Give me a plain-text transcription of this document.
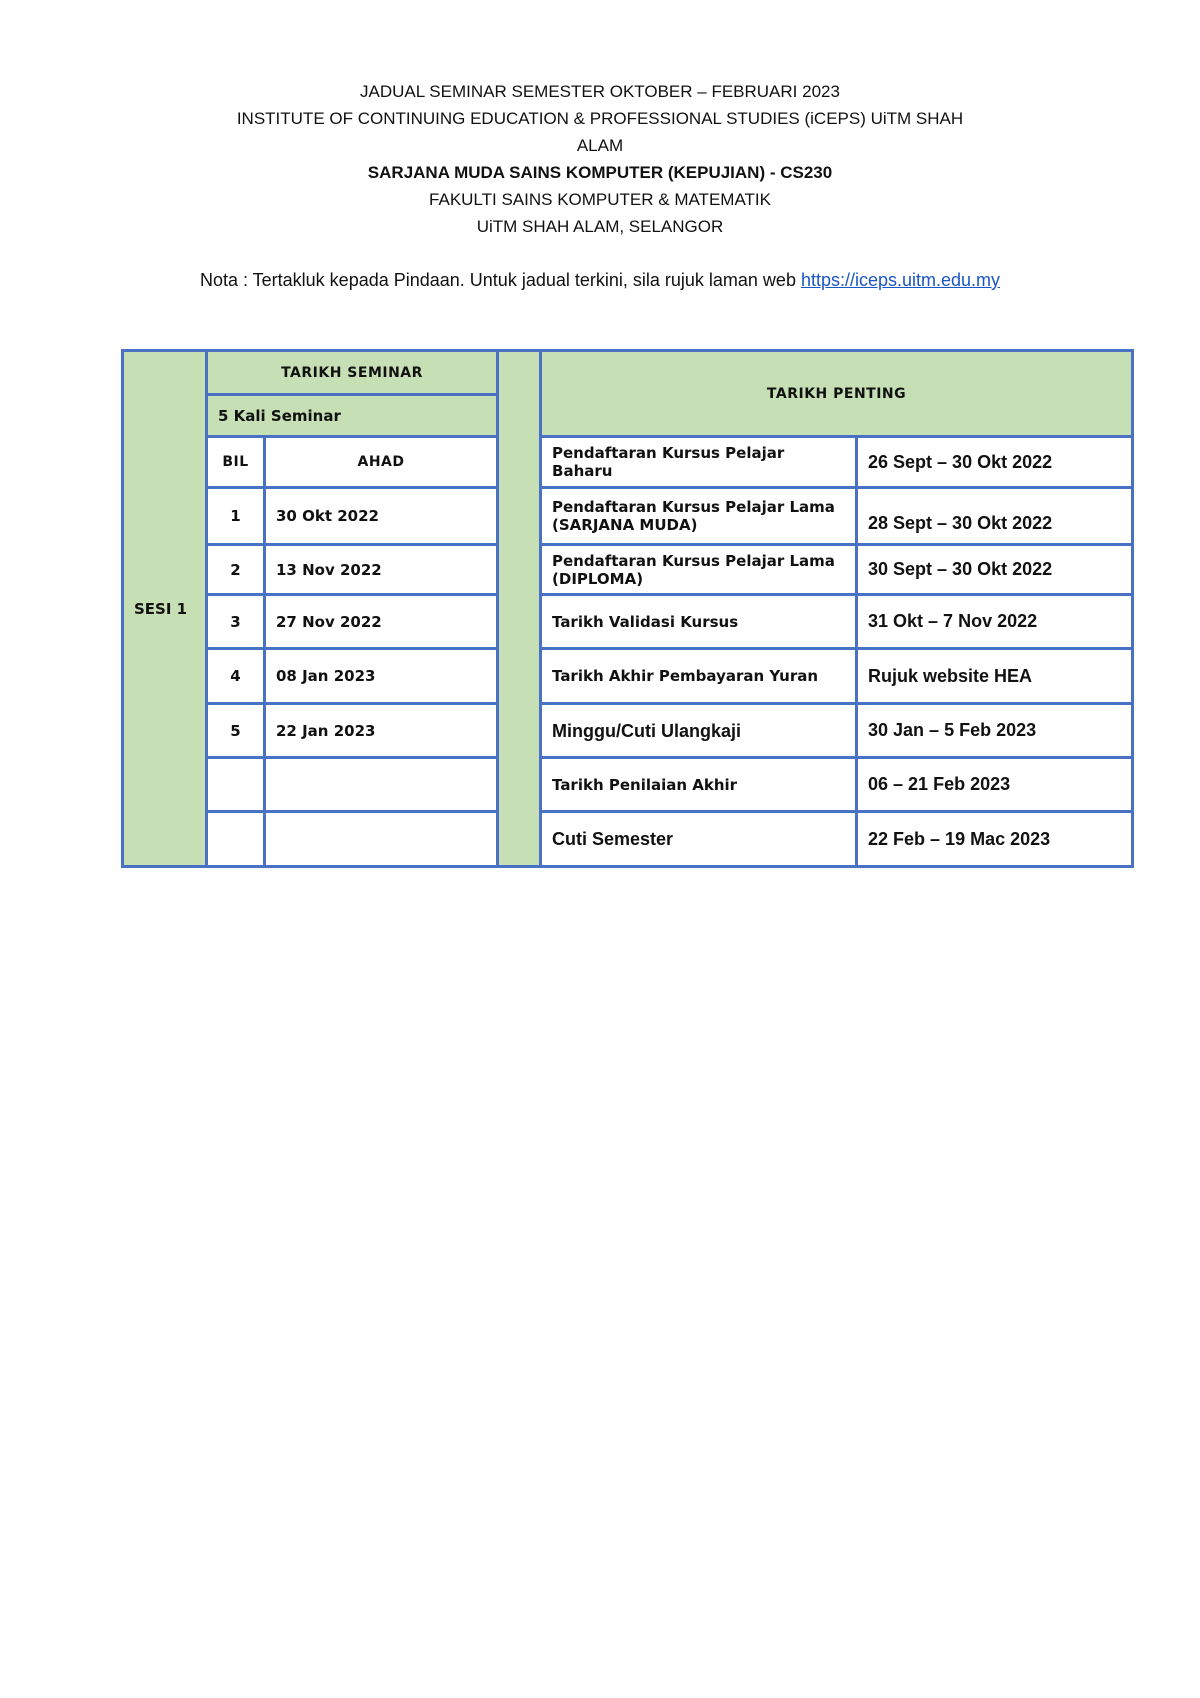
JADUAL SEMINAR SEMESTER OKTOBER – FEBRUARI 2023
INSTITUTE OF CONTINUING EDUCATION & PROFESSIONAL STUDIES (iCEPS) UiTM SHAH
ALAM
SARJANA MUDA SAINS KOMPUTER (KEPUJIAN) - CS230
FAKULTI SAINS KOMPUTER & MATEMATIK
UiTM SHAH ALAM, SELANGOR
Nota : Tertakluk kepada Pindaan. Untuk jadual terkini, sila rujuk laman web https://iceps.uitm.edu.my
SESI 1	TARIKH SEMINAR			TARIKH PENTING	
	5 Kali Seminar				
	BIL	AHAD		Pendaftaran Kursus Pelajar Baharu	26 Sept – 30 Okt 2022
	1	30 Okt 2022		Pendaftaran Kursus Pelajar Lama (SARJANA MUDA)	28 Sept – 30 Okt 2022
	2	13 Nov 2022		Pendaftaran Kursus Pelajar Lama (DIPLOMA)	30 Sept – 30 Okt 2022
	3	27 Nov 2022		Tarikh Validasi Kursus	31 Okt – 7 Nov 2022
	4	08 Jan 2023		Tarikh Akhir Pembayaran Yuran	Rujuk website HEA
	5	22 Jan 2023		Minggu/Cuti Ulangkaji	30 Jan – 5 Feb 2023
				Tarikh Penilaian Akhir	06 – 21 Feb 2023
				Cuti Semester	22 Feb – 19 Mac 2023
